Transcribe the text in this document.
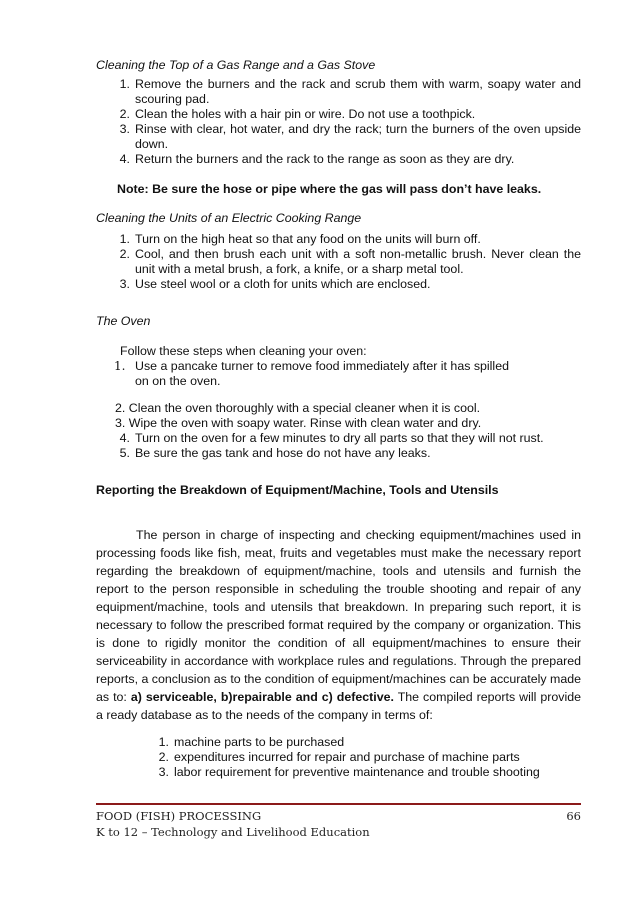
Cleaning the Top of a Gas Range and a Gas Stove
1. Remove the burners and the rack and scrub them with warm, soapy water and scouring pad.
2. Clean the holes with a hair pin or wire. Do not use a toothpick.
3. Rinse with clear, hot water, and dry the rack; turn the burners of the oven upside down.
4. Return the burners and the rack to the range as soon as they are dry.
Note: Be sure the hose or pipe where the gas will pass don’t have leaks.
Cleaning the Units of an Electric Cooking Range
1. Turn on the high heat so that any food on the units will burn off.
2. Cool, and then brush each unit with a soft non-metallic brush. Never clean the unit with a metal brush, a fork, a knife, or a sharp metal tool.
3. Use steel wool or a cloth for units which are enclosed.
The Oven
Follow these steps when cleaning your oven:
1. Use a pancake turner to remove food immediately after it has spilled on on the oven.
2. Clean the oven thoroughly with a special cleaner when it is cool.
3. Wipe the oven with soapy water. Rinse with clean water and dry.
4. Turn on the oven for a few minutes to dry all parts so that they will not rust.
5. Be sure the gas tank and hose do not have any leaks.
Reporting the Breakdown of Equipment/Machine, Tools and Utensils

The person in charge of inspecting and checking equipment/machines used in processing foods like fish, meat, fruits and vegetables must make the necessary report regarding the breakdown of equipment/machine, tools and utensils and furnish the report to the person responsible in scheduling the trouble shooting and repair of any equipment/machine, tools and utensils that breakdown. In preparing such report, it is necessary to follow the prescribed format required by the company or organization. This is done to rigidly monitor the condition of all equipment/machines to ensure their serviceability in accordance with workplace rules and regulations. Through the prepared reports, a conclusion as to the condition of equipment/machines can be accurately made as to: a) serviceable, b)repairable and c) defective. The compiled reports will provide a ready database as to the needs of the company in terms of:

1. machine parts to be purchased
2. expenditures incurred for repair and purchase of machine parts
3. labor requirement for preventive maintenance and trouble shooting
FOOD (FISH) PROCESSING
K to 12 – Technology and Livelihood Education
66
